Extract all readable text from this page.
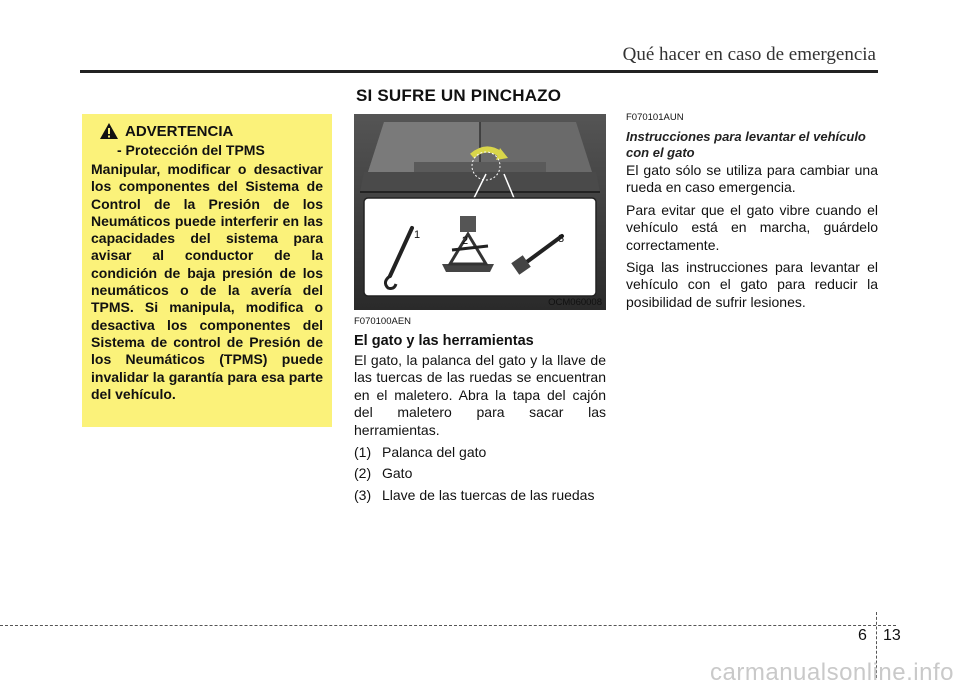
Qué hacer en caso de emergencia
SI SUFRE UN PINCHAZO
ADVERTENCIA
- Protección del TPMS
Manipular, modificar o desactivar los componentes del Sistema de Control de la Presión de los Neumáticos puede interferir en las capacidades del sistema para avisar al conductor de la condición de baja presión de los neumáticos o de la avería del TPMS. Si manipula, modifica o desactiva los componentes del Sistema de control de Presión de los Neumáticos (TPMS) puede invalidar la garantía para esa parte del vehículo.
1	2	3
OCM060008
F070100AEN
El gato y las herramientas

El gato, la palanca del gato y la llave de las tuercas de las ruedas se encuentran en el maletero. Abra la tapa del cajón del maletero para sacar las herramientas.

(1) Palanca del gato
(2) Gato
(3) Llave de las tuercas de las ruedas
F070101AUN
Instrucciones para levantar el vehículo con el gato

El gato sólo se utiliza para cambiar una rueda en caso emergencia.

Para evitar que el gato vibre cuando el vehículo está en marcha, guárdelo correctamente.

Siga las instrucciones para levantar el vehículo con el gato para reducir la posibilidad de sufrir lesiones.

6 13
carmanualsonline.info
